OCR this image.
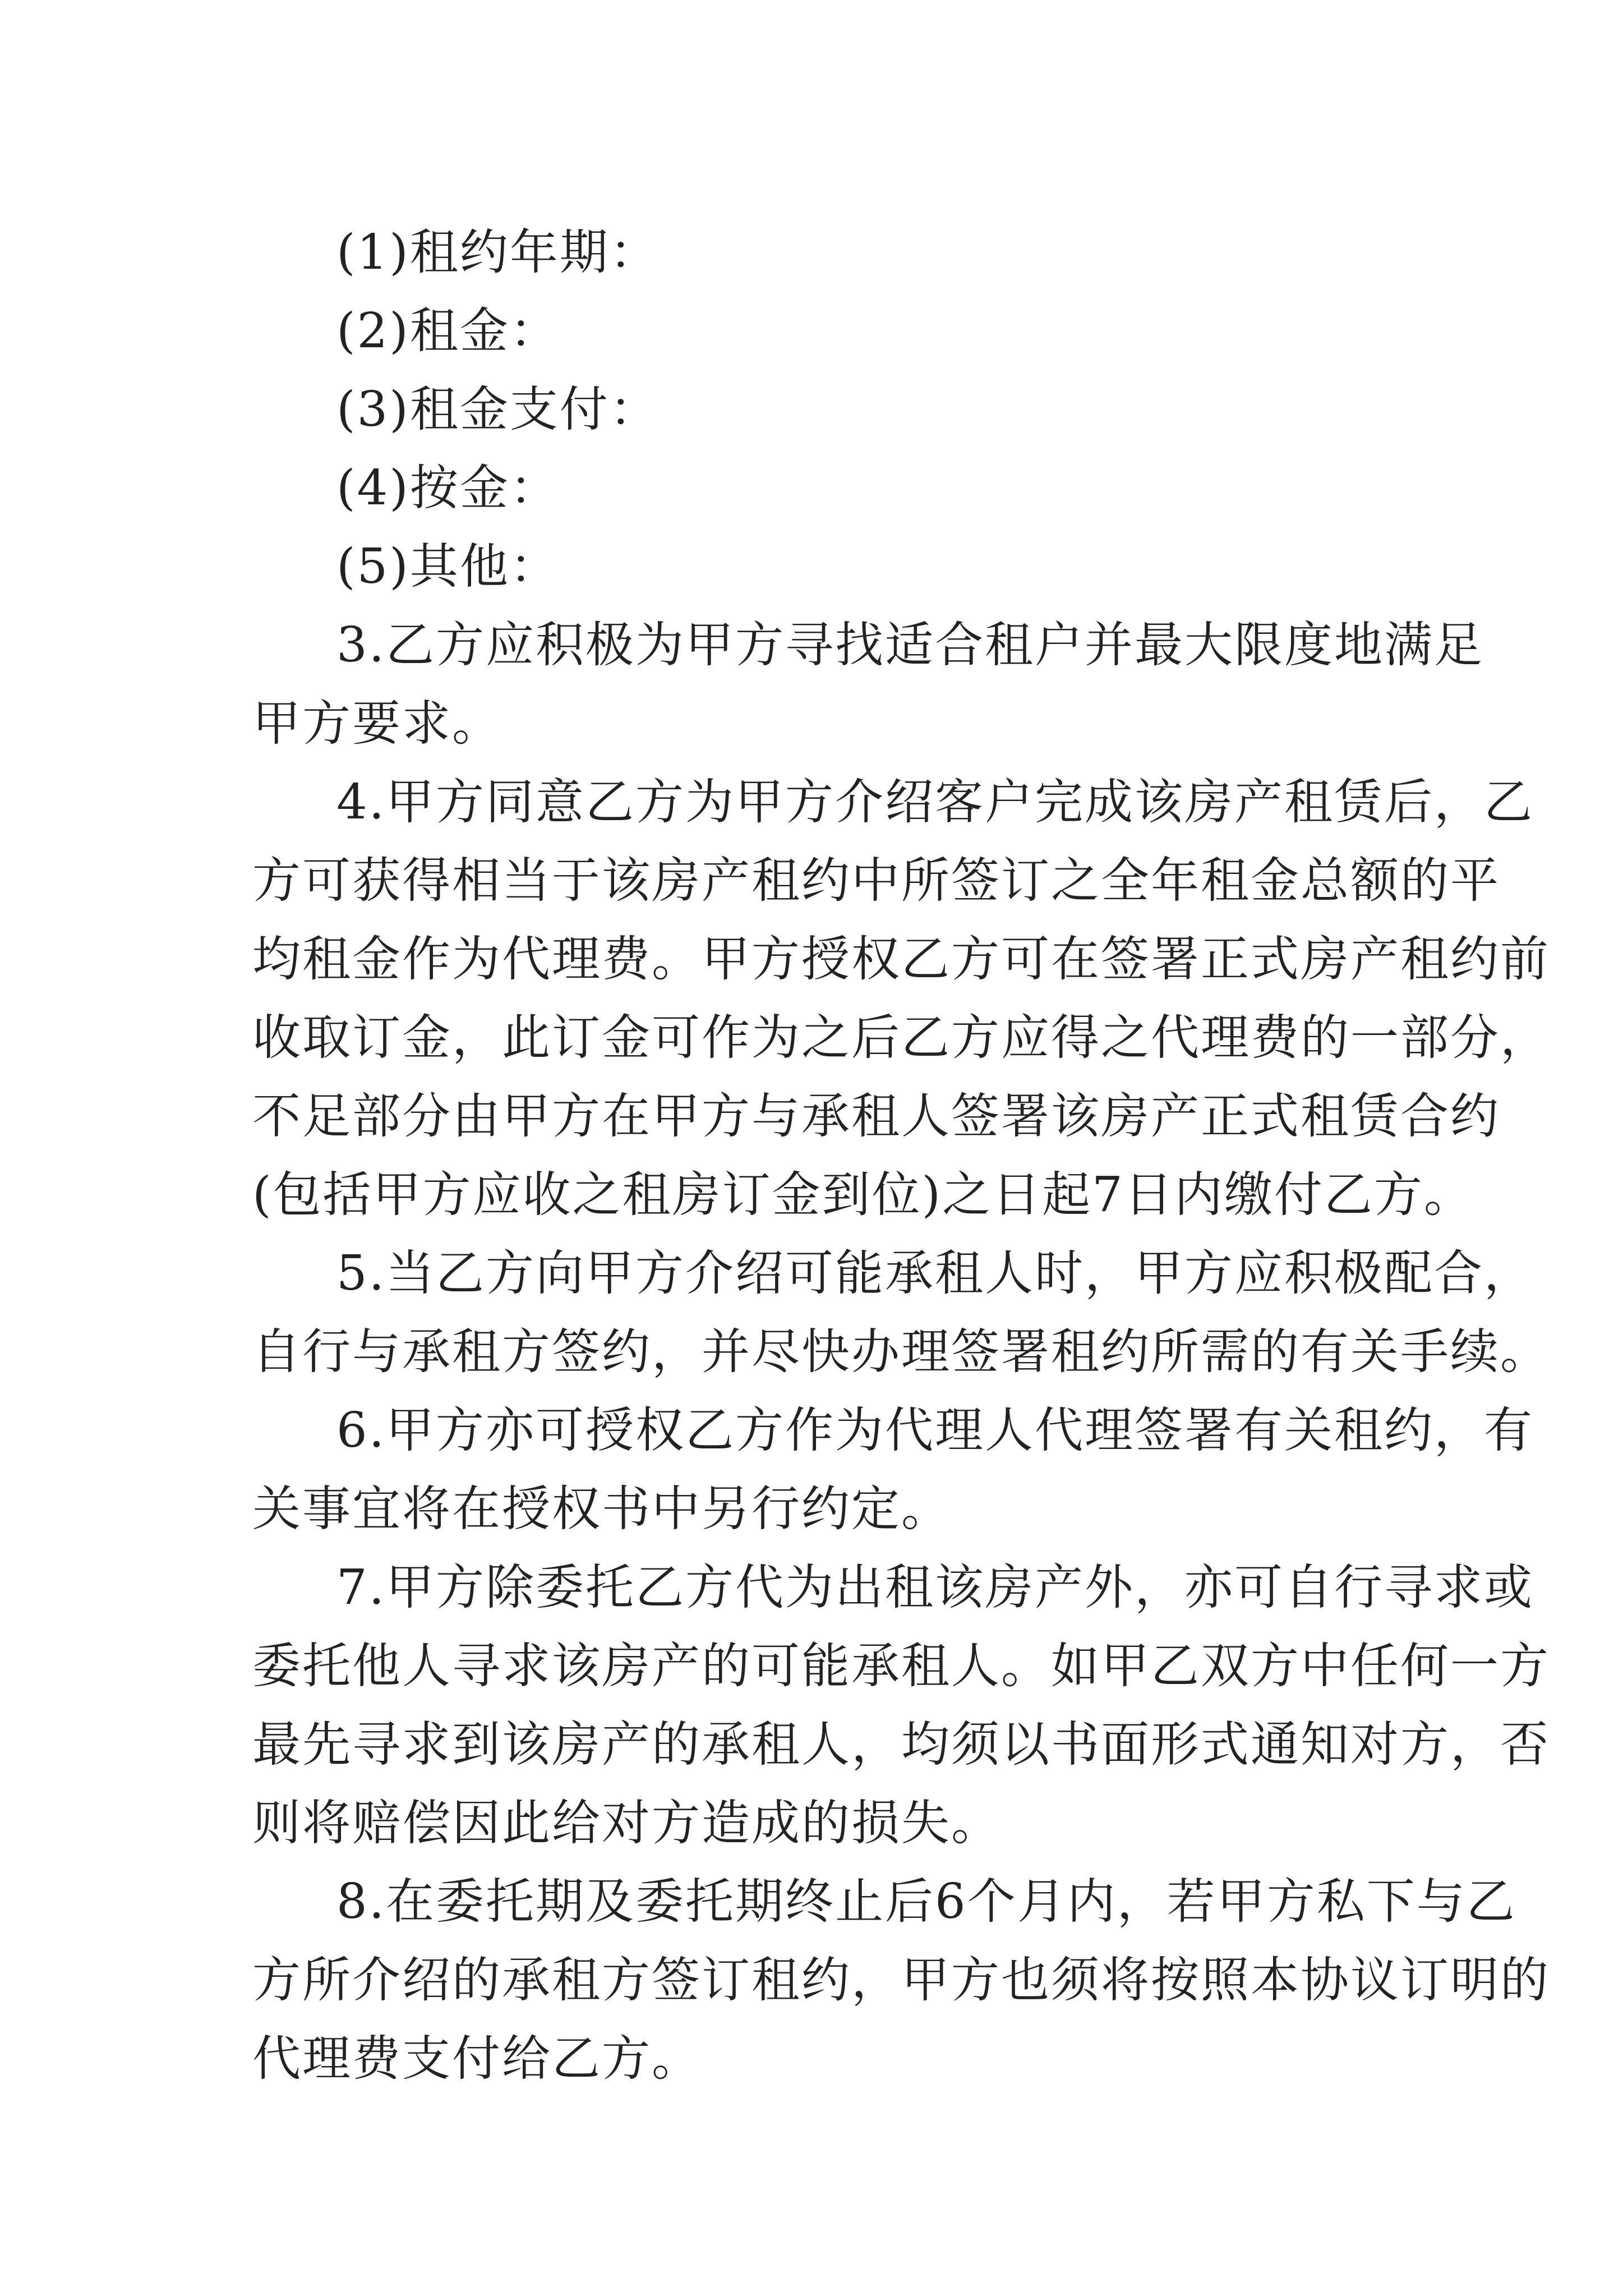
(1)租约年期：
(2)租金：
(3)租金支付：
(4)按金：
(5)其他：
3.乙方应积极为甲方寻找适合租户并最大限度地满足
甲方要求。
4.甲方同意乙方为甲方介绍客户完成该房产租赁后，乙
方可获得相当于该房产租约中所签订之全年租金总额的平
均租金作为代理费。甲方授权乙方可在签署正式房产租约前
收取订金，此订金可作为之后乙方应得之代理费的一部分，
不足部分由甲方在甲方与承租人签署该房产正式租赁合约
(包括甲方应收之租房订金到位)之日起7日内缴付乙方。
5.当乙方向甲方介绍可能承租人时，甲方应积极配合，
自行与承租方签约，并尽快办理签署租约所需的有关手续。
6.甲方亦可授权乙方作为代理人代理签署有关租约，有
关事宜将在授权书中另行约定。
7.甲方除委托乙方代为出租该房产外，亦可自行寻求或
委托他人寻求该房产的可能承租人。如甲乙双方中任何一方
最先寻求到该房产的承租人，均须以书面形式通知对方，否
则将赔偿因此给对方造成的损失。
8.在委托期及委托期终止后6个月内，若甲方私下与乙
方所介绍的承租方签订租约，甲方也须将按照本协议订明的
代理费支付给乙方。
